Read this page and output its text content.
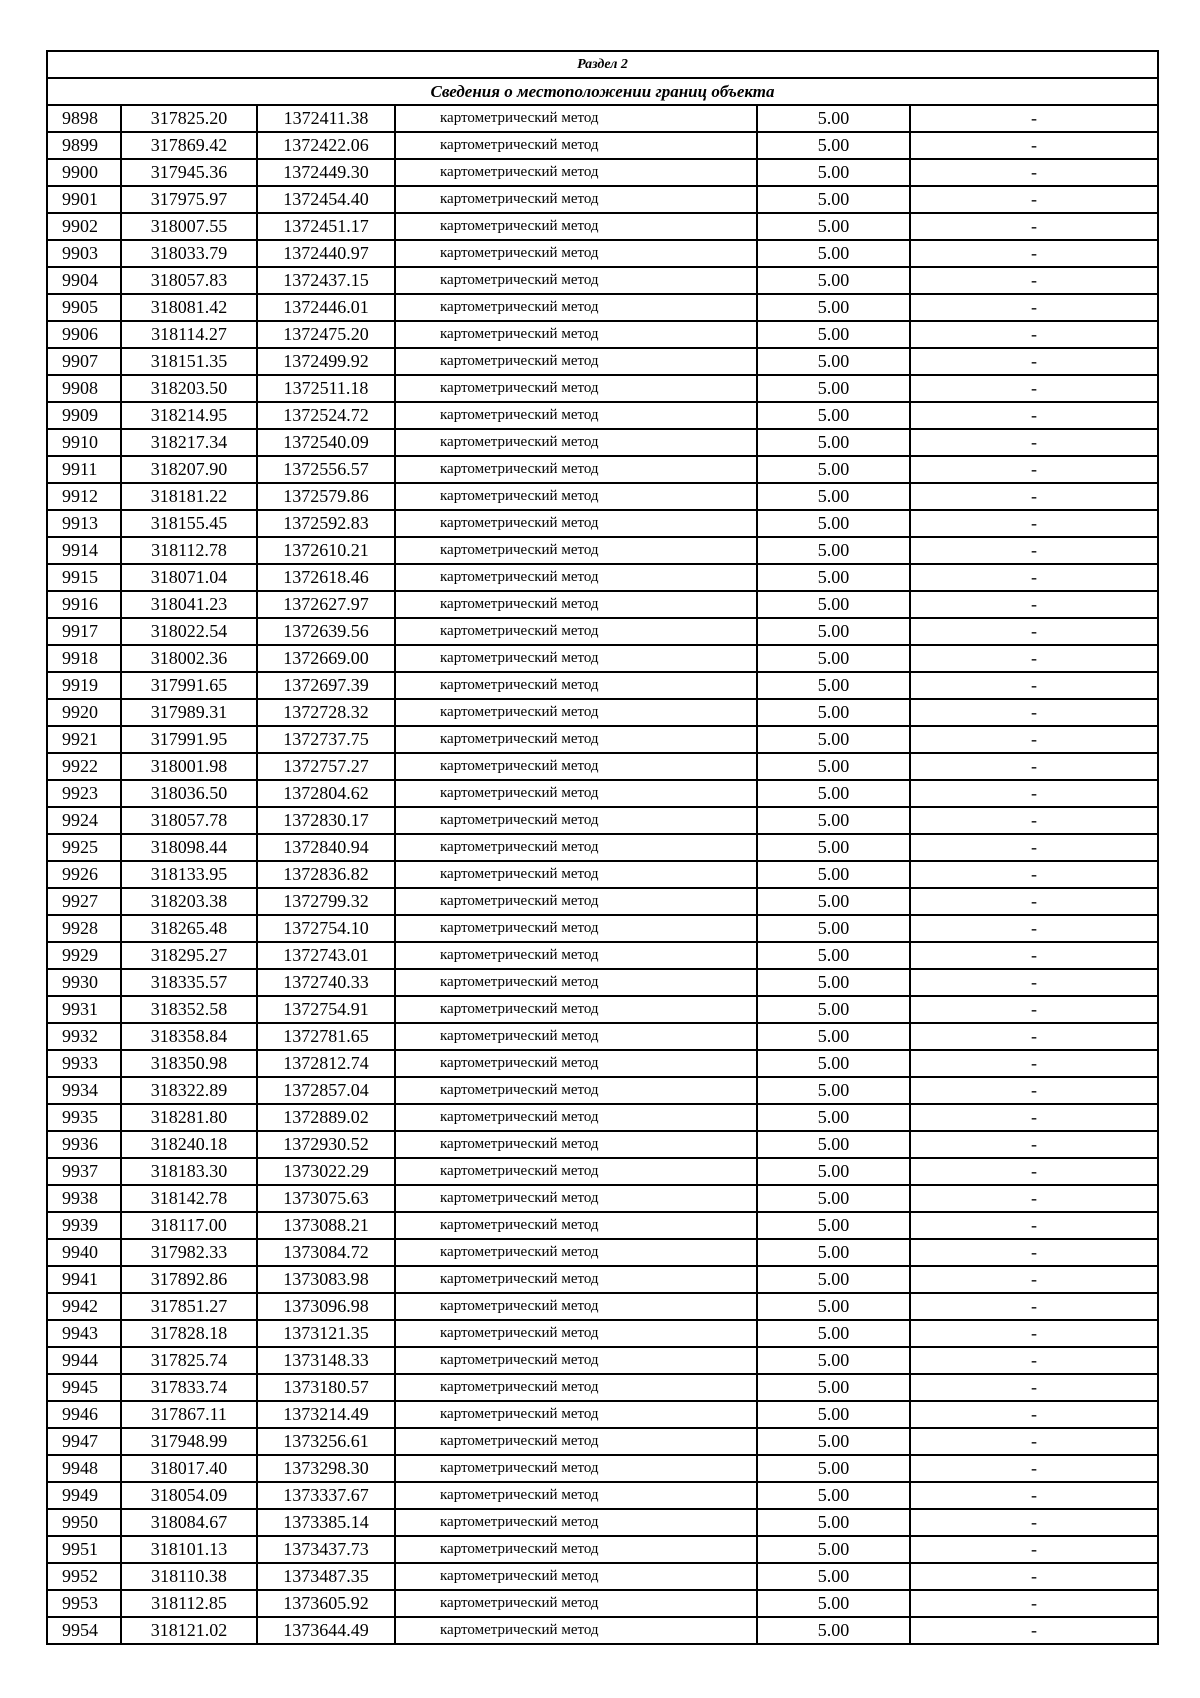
Раздел 2					
Сведения о местоположении границ объекта					
9898	317825.20	1372411.38	картометрический метод	5.00	-
9899	317869.42	1372422.06	картометрический метод	5.00	-
9900	317945.36	1372449.30	картометрический метод	5.00	-
9901	317975.97	1372454.40	картометрический метод	5.00	-
9902	318007.55	1372451.17	картометрический метод	5.00	-
9903	318033.79	1372440.97	картометрический метод	5.00	-
9904	318057.83	1372437.15	картометрический метод	5.00	-
9905	318081.42	1372446.01	картометрический метод	5.00	-
9906	318114.27	1372475.20	картометрический метод	5.00	-
9907	318151.35	1372499.92	картометрический метод	5.00	-
9908	318203.50	1372511.18	картометрический метод	5.00	-
9909	318214.95	1372524.72	картометрический метод	5.00	-
9910	318217.34	1372540.09	картометрический метод	5.00	-
9911	318207.90	1372556.57	картометрический метод	5.00	-
9912	318181.22	1372579.86	картометрический метод	5.00	-
9913	318155.45	1372592.83	картометрический метод	5.00	-
9914	318112.78	1372610.21	картометрический метод	5.00	-
9915	318071.04	1372618.46	картометрический метод	5.00	-
9916	318041.23	1372627.97	картометрический метод	5.00	-
9917	318022.54	1372639.56	картометрический метод	5.00	-
9918	318002.36	1372669.00	картометрический метод	5.00	-
9919	317991.65	1372697.39	картометрический метод	5.00	-
9920	317989.31	1372728.32	картометрический метод	5.00	-
9921	317991.95	1372737.75	картометрический метод	5.00	-
9922	318001.98	1372757.27	картометрический метод	5.00	-
9923	318036.50	1372804.62	картометрический метод	5.00	-
9924	318057.78	1372830.17	картометрический метод	5.00	-
9925	318098.44	1372840.94	картометрический метод	5.00	-
9926	318133.95	1372836.82	картометрический метод	5.00	-
9927	318203.38	1372799.32	картометрический метод	5.00	-
9928	318265.48	1372754.10	картометрический метод	5.00	-
9929	318295.27	1372743.01	картометрический метод	5.00	-
9930	318335.57	1372740.33	картометрический метод	5.00	-
9931	318352.58	1372754.91	картометрический метод	5.00	-
9932	318358.84	1372781.65	картометрический метод	5.00	-
9933	318350.98	1372812.74	картометрический метод	5.00	-
9934	318322.89	1372857.04	картометрический метод	5.00	-
9935	318281.80	1372889.02	картометрический метод	5.00	-
9936	318240.18	1372930.52	картометрический метод	5.00	-
9937	318183.30	1373022.29	картометрический метод	5.00	-
9938	318142.78	1373075.63	картометрический метод	5.00	-
9939	318117.00	1373088.21	картометрический метод	5.00	-
9940	317982.33	1373084.72	картометрический метод	5.00	-
9941	317892.86	1373083.98	картометрический метод	5.00	-
9942	317851.27	1373096.98	картометрический метод	5.00	-
9943	317828.18	1373121.35	картометрический метод	5.00	-
9944	317825.74	1373148.33	картометрический метод	5.00	-
9945	317833.74	1373180.57	картометрический метод	5.00	-
9946	317867.11	1373214.49	картометрический метод	5.00	-
9947	317948.99	1373256.61	картометрический метод	5.00	-
9948	318017.40	1373298.30	картометрический метод	5.00	-
9949	318054.09	1373337.67	картометрический метод	5.00	-
9950	318084.67	1373385.14	картометрический метод	5.00	-
9951	318101.13	1373437.73	картометрический метод	5.00	-
9952	318110.38	1373487.35	картометрический метод	5.00	-
9953	318112.85	1373605.92	картометрический метод	5.00	-
9954	318121.02	1373644.49	картометрический метод	5.00	-
